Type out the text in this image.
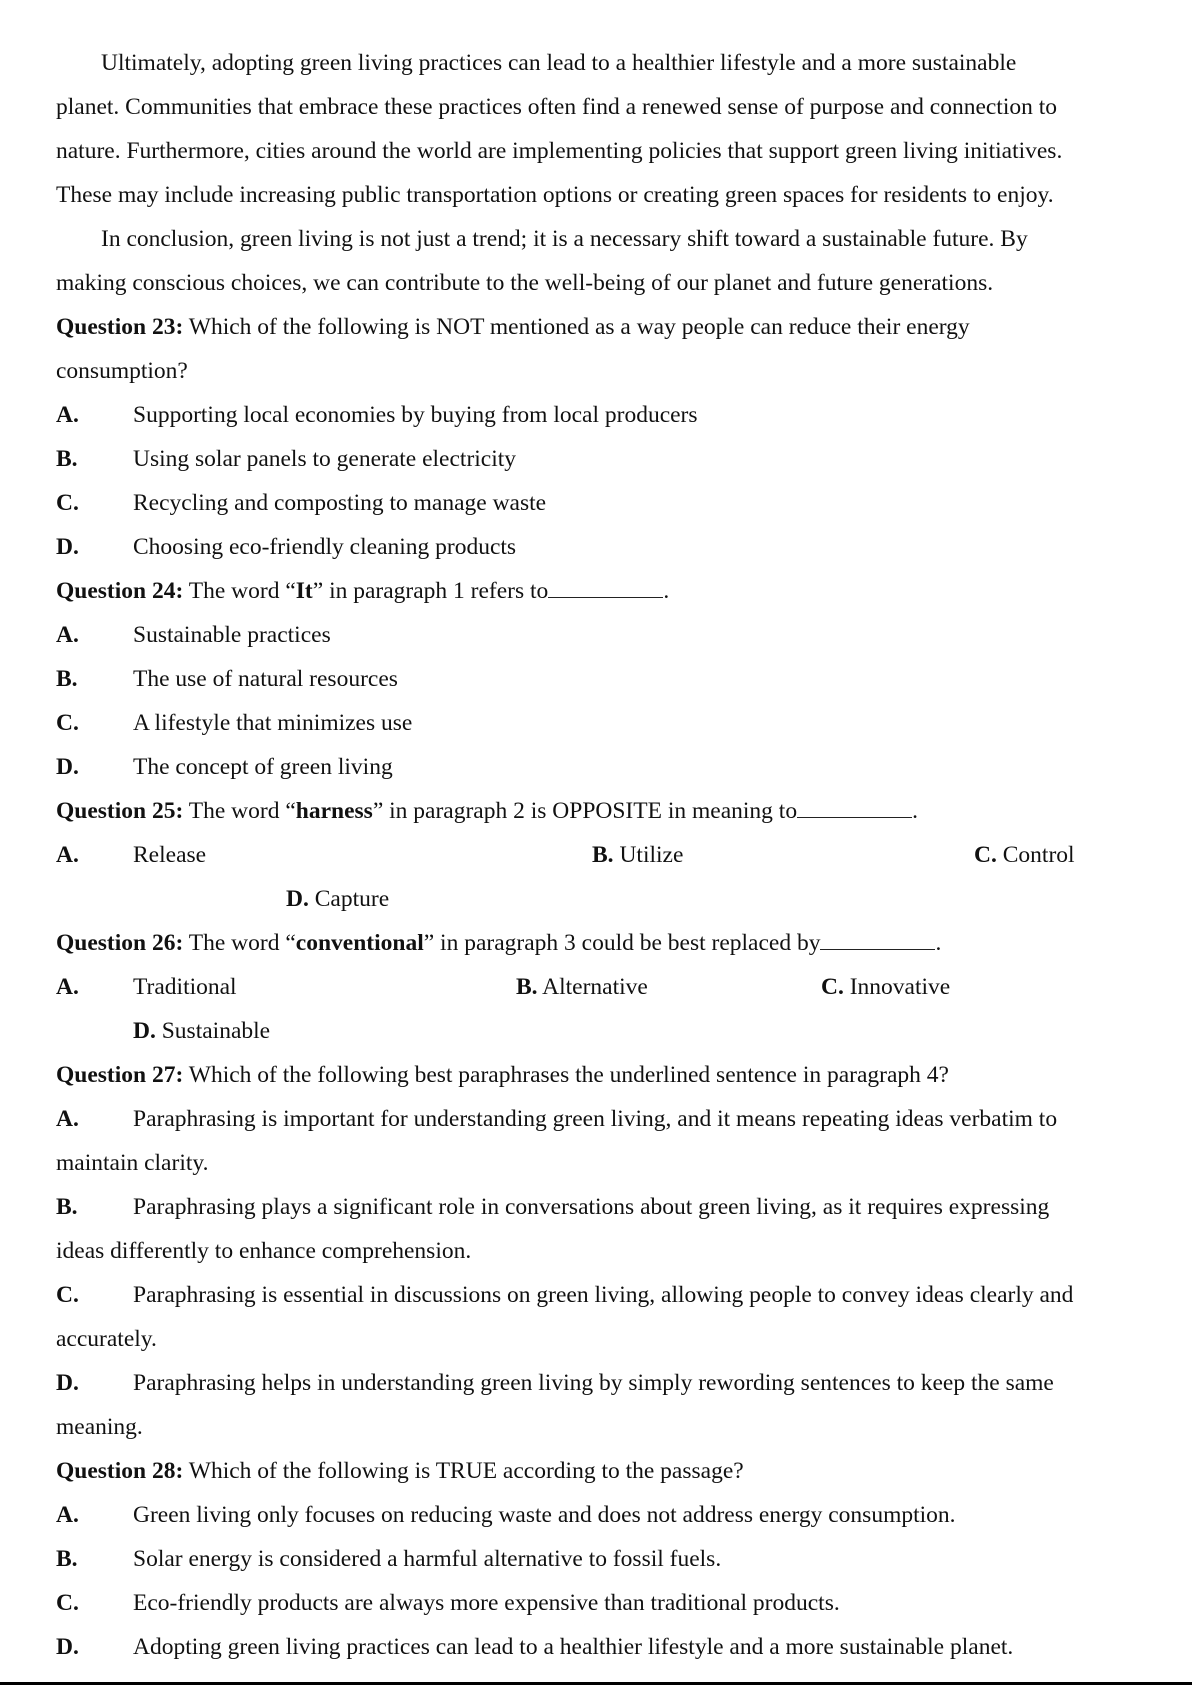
Ultimately, adopting green living practices can lead to a healthier lifestyle and a more sustainable
planet. Communities that embrace these practices often find a renewed sense of purpose and connection to
nature. Furthermore, cities around the world are implementing policies that support green living initiatives.
These may include increasing public transportation options or creating green spaces for residents to enjoy.
In conclusion, green living is not just a trend; it is a necessary shift toward a sustainable future. By
making conscious choices, we can contribute to the well-being of our planet and future generations.
Question 23: Which of the following is NOT mentioned as a way people can reduce their energy
consumption?
A. Supporting local economies by buying from local producers
B. Using solar panels to generate electricity
C. Recycling and composting to manage waste
D. Choosing eco-friendly cleaning products
Question 24: The word “It” in paragraph 1 refers to	.
A. Sustainable practices
B. The use of natural resources
C. A lifestyle that minimizes use
D. The concept of green living
Question 25: The word “harness” in paragraph 2 is OPPOSITE in meaning to	.
A. Release	B. Utilize	C. Control
D. Capture
Question 26: The word “conventional” in paragraph 3 could be best replaced by	.
A. Traditional	B. Alternative	C. Innovative
D. Sustainable
Question 27: Which of the following best paraphrases the underlined sentence in paragraph 4?
A. Paraphrasing is important for understanding green living, and it means repeating ideas verbatim to
maintain clarity.
B. Paraphrasing plays a significant role in conversations about green living, as it requires expressing
ideas differently to enhance comprehension.
C. Paraphrasing is essential in discussions on green living, allowing people to convey ideas clearly and
accurately.
D. Paraphrasing helps in understanding green living by simply rewording sentences to keep the same
meaning.
Question 28: Which of the following is TRUE according to the passage?
A. Green living only focuses on reducing waste and does not address energy consumption.
B. Solar energy is considered a harmful alternative to fossil fuels.
C. Eco-friendly products are always more expensive than traditional products.
D. Adopting green living practices can lead to a healthier lifestyle and a more sustainable planet.
